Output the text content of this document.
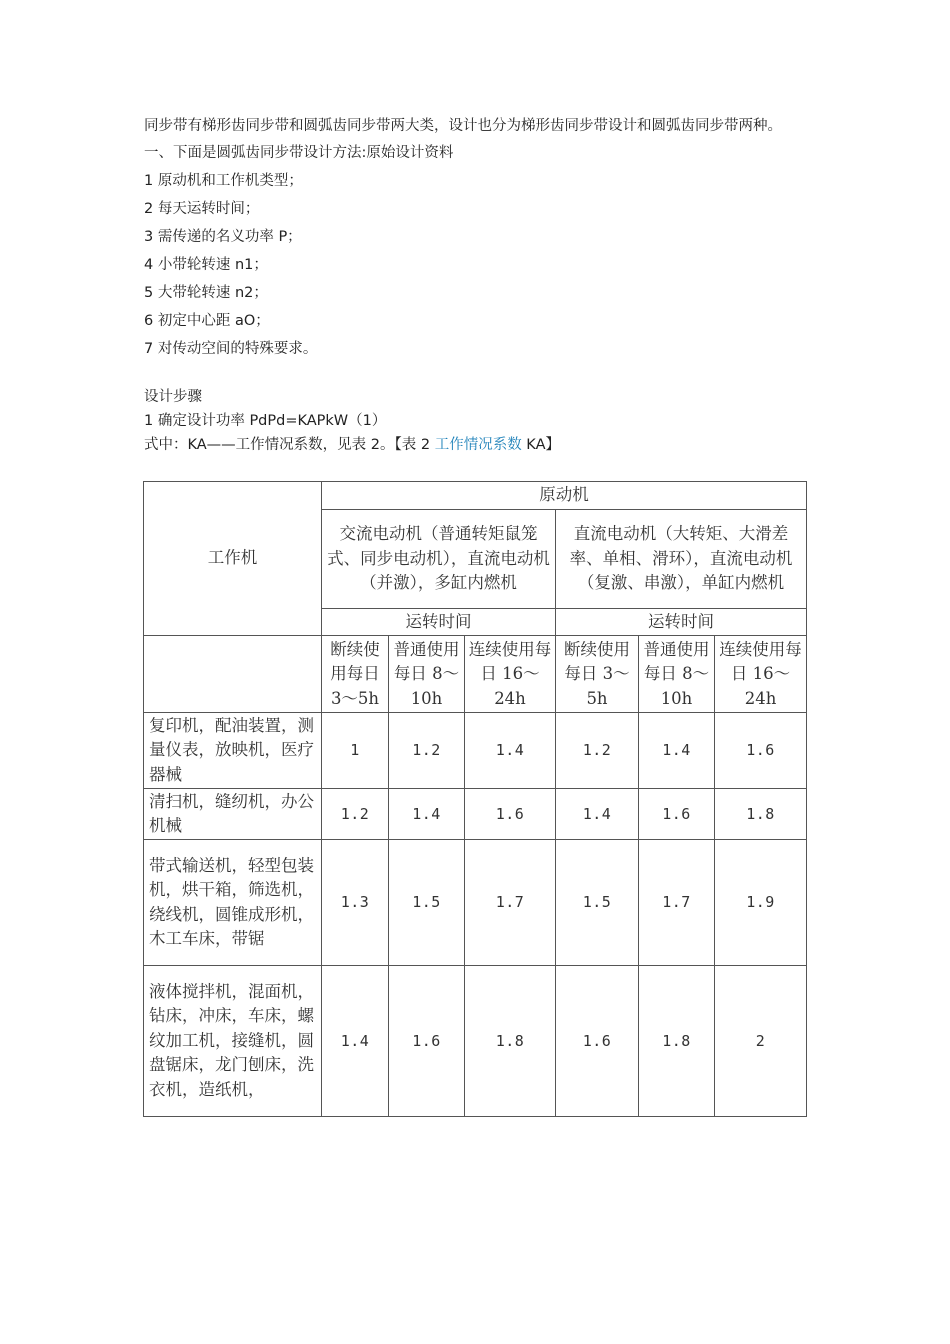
同步带有梯形齿同步带和圆弧齿同步带两大类，设计也分为梯形齿同步带设计和圆弧齿同步带两种。

一、下面是圆弧齿同步带设计方法:原始设计资料

1 原动机和工作机类型；

2 每天运转时间；

3 需传递的名义功率 P；

4 小带轮转速 n1；

5 大带轮转速 n2；

6 初定中心距 aO；

7 对传动空间的特殊要求。

设计步骤

1 确定设计功率 PdPd=KAPkW（1）

式中：KA——工作情况系数，见表 2。【表 2 工作情况系数 KA】

工作机	原动机					
	交流电动机（普通转矩鼠笼式、同步电动机），直流电动机（并激），多缸内燃机			直流电动机（大转矩、大滑差率、单相、滑环），直流电动机（复激、串激），单缸内燃机		
	运转时间			运转时间		

	断续使用每日 3～5h	普通使用每日 8～10h	连续使用每日 16～24h	断续使用每日 3～5h	普通使用每日 8～10h	连续使用每日 16～24h

复印机，配油装置，测量仪表，放映机，医疗器械	1	1.2	1.4	1.2	1.4	1.6
清扫机，缝纫机，办公机械	1.2	1.4	1.6	1.4	1.6	1.8
带式输送机，轻型包装机，烘干箱，筛选机，绕线机，圆锥成形机，木工车床，带锯	1.3	1.5	1.7	1.5	1.7	1.9
液体搅拌机，混面机，钻床，冲床，车床，螺纹加工机，接缝机，圆盘锯床，龙门刨床，洗衣机，造纸机，	1.4	1.6	1.8	1.6	1.8	2
